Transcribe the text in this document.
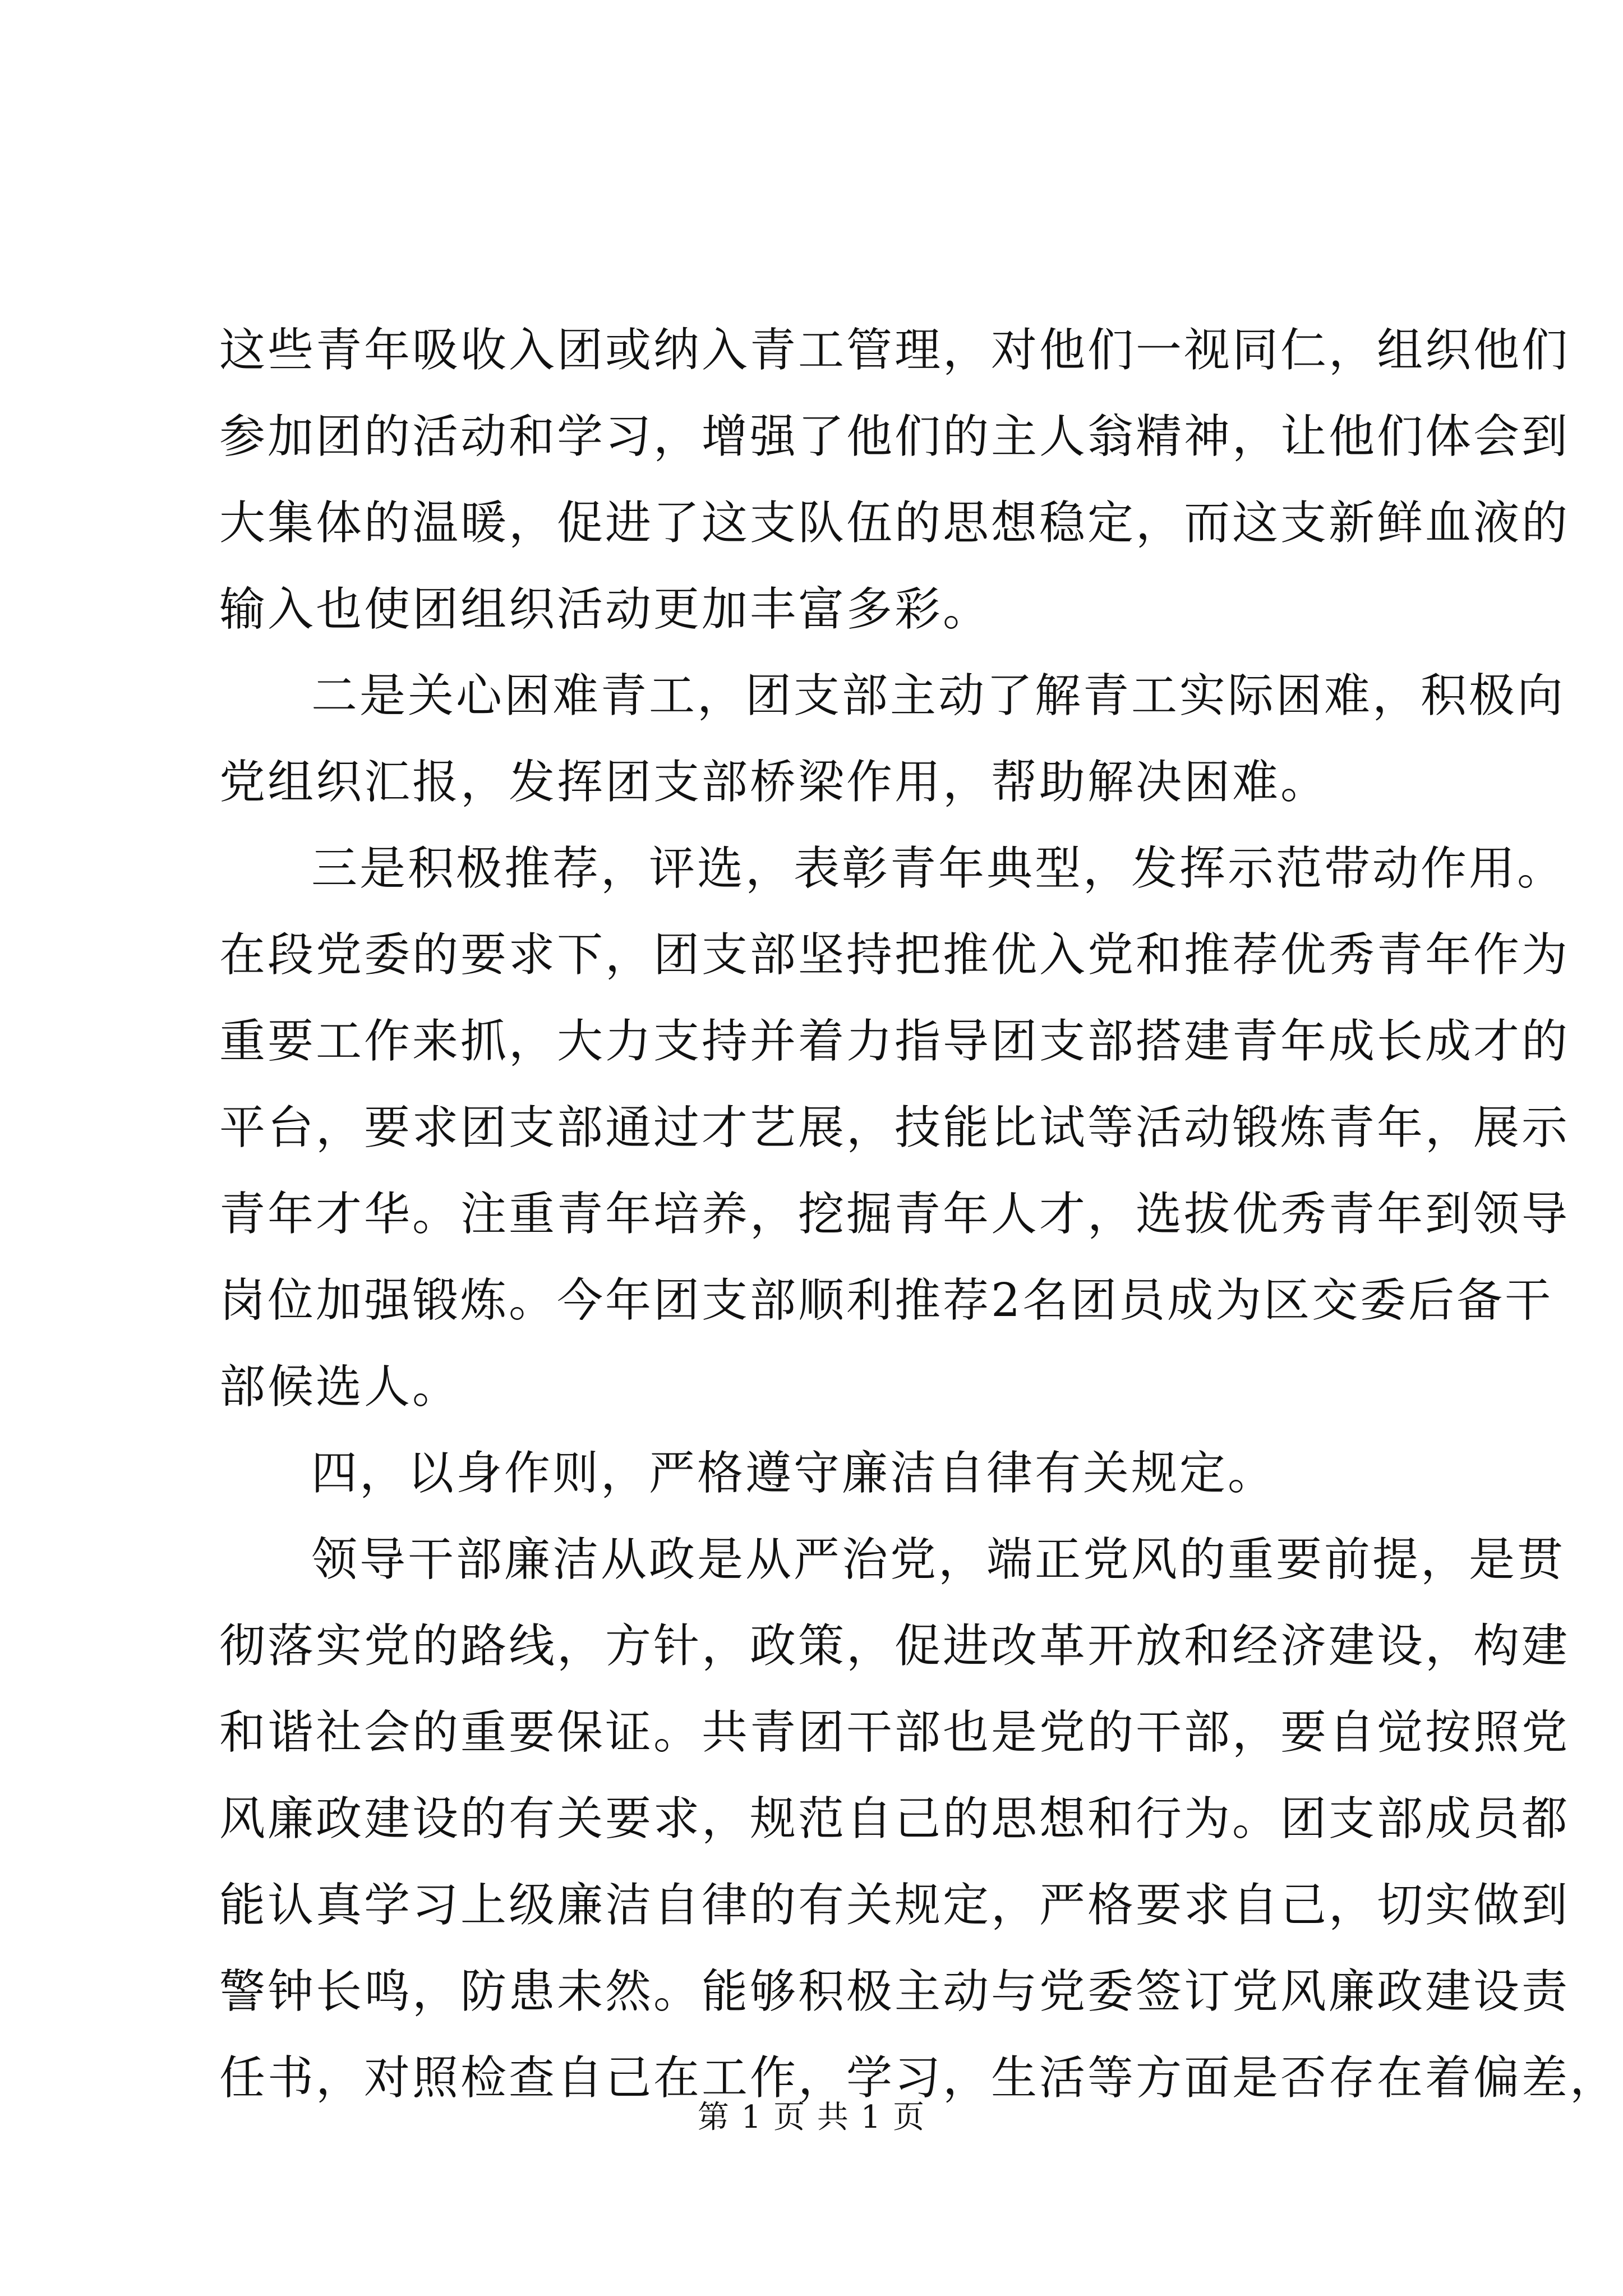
这些青年吸收入团或纳入青工管理，对他们一视同仁，组织他们

参加团的活动和学习，增强了他们的主人翁精神，让他们体会到

大集体的温暖，促进了这支队伍的思想稳定，而这支新鲜血液的

输入也使团组织活动更加丰富多彩。

二是关心困难青工，团支部主动了解青工实际困难，积极向

党组织汇报，发挥团支部桥梁作用，帮助解决困难。

三是积极推荐，评选，表彰青年典型，发挥示范带动作用。

在段党委的要求下，团支部坚持把推优入党和推荐优秀青年作为

重要工作来抓，大力支持并着力指导团支部搭建青年成长成才的

平台，要求团支部通过才艺展，技能比试等活动锻炼青年，展示

青年才华。注重青年培养，挖掘青年人才，选拔优秀青年到领导

岗位加强锻炼。今年团支部顺利推荐2名团员成为区交委后备干

部候选人。

四，以身作则，严格遵守廉洁自律有关规定。

领导干部廉洁从政是从严治党，端正党风的重要前提，是贯

彻落实党的路线，方针，政策，促进改革开放和经济建设，构建

和谐社会的重要保证。共青团干部也是党的干部，要自觉按照党

风廉政建设的有关要求，规范自己的思想和行为。团支部成员都

能认真学习上级廉洁自律的有关规定，严格要求自己，切实做到

警钟长鸣，防患未然。能够积极主动与党委签订党风廉政建设责

任书，对照检查自己在工作，学习，生活等方面是否存在着偏差，

第 1 页 共 1 页
